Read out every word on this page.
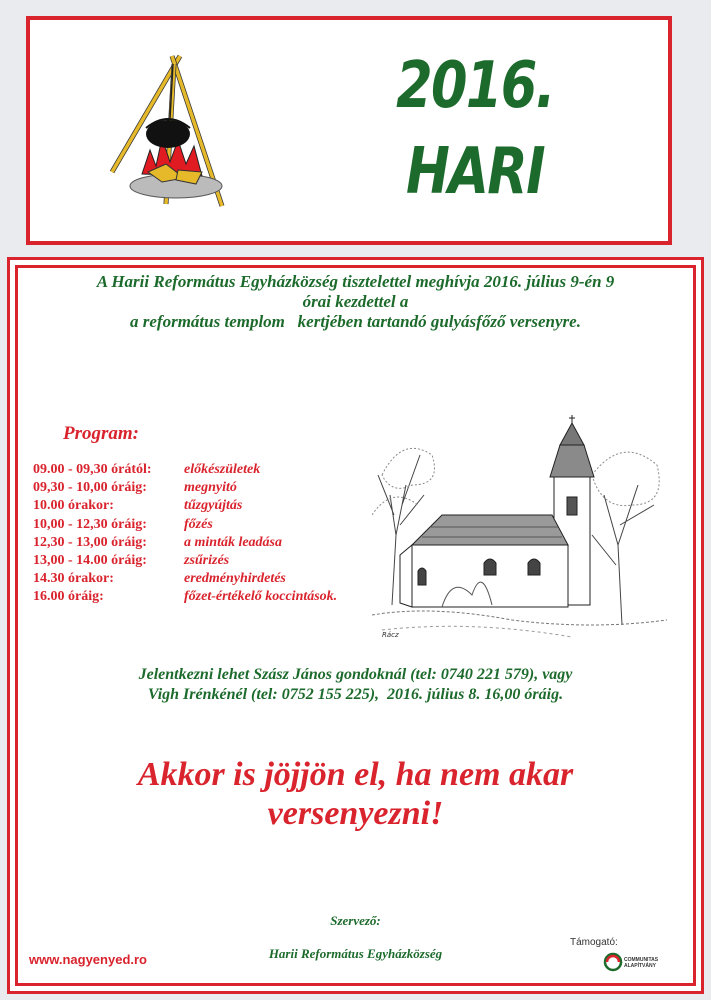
2016.
HARI
A Harii Református Egyházközség tisztelettel meghívja 2016. július 9-én 9
órai kezdettel a
a református templom   kertjében tartandó gulyásfőző versenyre.
Program:
09.00 - 09,30 órától: előkészületek
09,30 - 10,00 óráig:	megnyitó
10.00 órakor:	tűzgyújtás
10,00 - 12,30 óráig:	főzés
12,30 - 13,00 óráig:	a minták leadása
13,00 - 14.00 óráig:	zsűrizés
14.30 órakor:	eredményhirdetés
16.00 óráig:	főzet-értékelő koccintások.
Rácz
Jelentkezni lehet Szász János gondoknál (tel: 0740 221 579), vagy
Vigh Irénkénél (tel: 0752 155 225),  2016. július 8. 16,00 óráig.
Akkor is jöjjön el, ha nem akar
versenyezni!
Szervező:
Harii Református Egyházközség
www.nagyenyed.ro
Támogató:
COMMUNITAS
ALAPÍTVÁNY
